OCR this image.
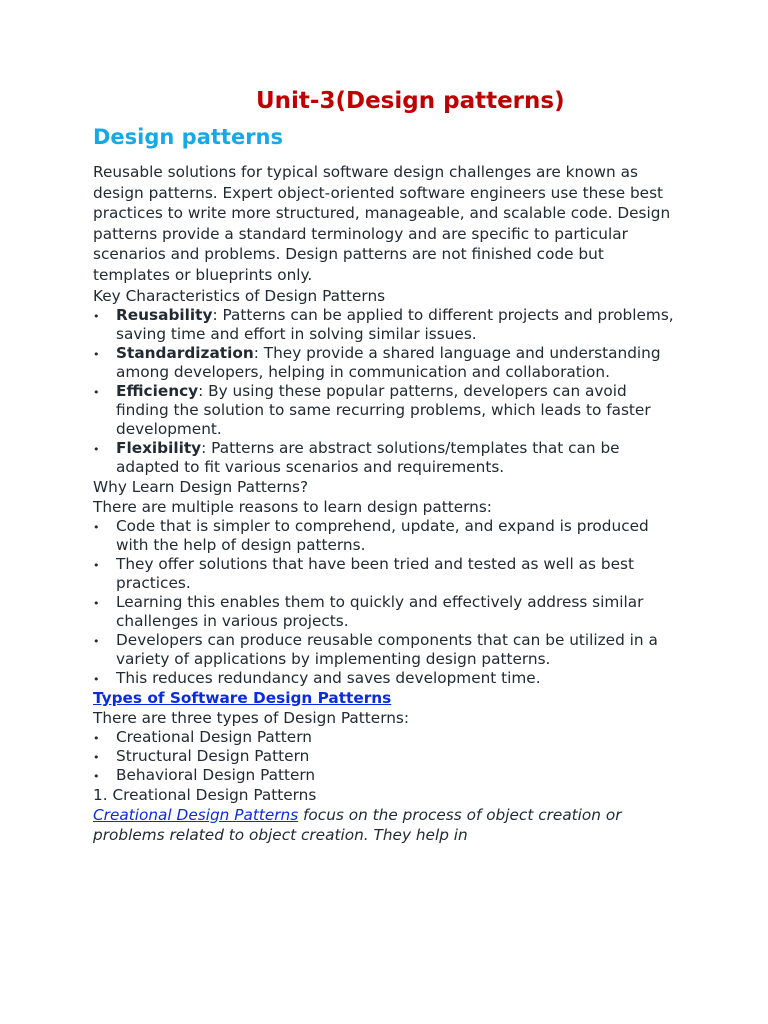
Unit-3(Design patterns)
Design patterns

Reusable solutions for typical software design challenges are known as design patterns. Expert object-oriented software engineers use these best practices to write more structured, manageable, and scalable code. Design patterns provide a standard terminology and are specific to particular scenarios and problems. Design patterns are not finished code but templates or blueprints only.

Key Characteristics of Design Patterns
• Reusability: Patterns can be applied to different projects and problems, saving time and effort in solving similar issues.
• Standardization: They provide a shared language and understanding among developers, helping in communication and collaboration.
• Efficiency: By using these popular patterns, developers can avoid finding the solution to same recurring problems, which leads to faster development.
• Flexibility: Patterns are abstract solutions/templates that can be adapted to fit various scenarios and requirements.
Why Learn Design Patterns?
There are multiple reasons to learn design patterns:
• Code that is simpler to comprehend, update, and expand is produced with the help of design patterns.
• They offer solutions that have been tried and tested as well as best practices.
• Learning this enables them to quickly and effectively address similar challenges in various projects.
• Developers can produce reusable components that can be utilized in a variety of applications by implementing design patterns.
• This reduces redundancy and saves development time.
Types of Software Design Patterns
There are three types of Design Patterns:
• Creational Design Pattern
• Structural Design Pattern
• Behavioral Design Pattern
1. Creational Design Patterns

Creational Design Patterns focus on the process of object creation or problems related to object creation. They help in
